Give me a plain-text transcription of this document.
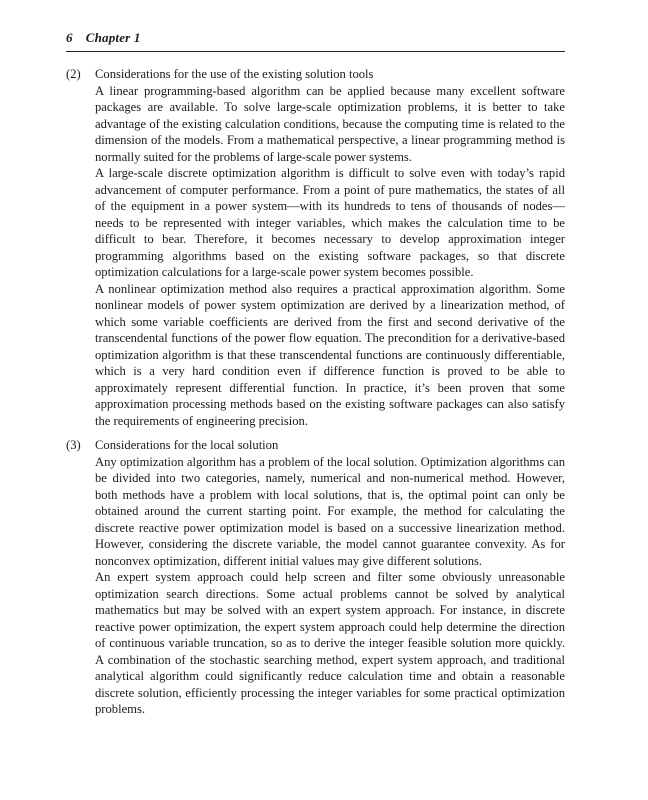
6 Chapter 1
(2)	Considerations for the use of the existing solution tools

A linear programming-based algorithm can be applied because many excellent software packages are available. To solve large-scale optimization problems, it is better to take advantage of the existing calculation conditions, because the computing time is related to the dimension of the models. From a mathematical perspective, a linear programming method is normally suited for the problems of large-scale power systems.

A large-scale discrete optimization algorithm is difficult to solve even with today’s rapid advancement of computer performance. From a point of pure mathematics, the states of all of the equipment in a power system—with its hundreds to tens of thousands of nodes—needs to be represented with integer variables, which makes the calculation time to be difficult to bear. Therefore, it becomes necessary to develop approximation integer programming algorithms based on the existing software packages, so that discrete optimization calculations for a large-scale power system becomes possible.

A nonlinear optimization method also requires a practical approximation algorithm. Some nonlinear models of power system optimization are derived by a linearization method, of which some variable coefficients are derived from the first and second derivative of the transcendental functions of the power flow equation. The precondition for a derivative-based optimization algorithm is that these transcendental functions are continuously differentiable, which is a very hard condition even if difference function is proved to be able to approximately represent differential function. In practice, it’s been proven that some approximation processing methods based on the existing software packages can also satisfy the requirements of engineering precision.

(3)	Considerations for the local solution

Any optimization algorithm has a problem of the local solution. Optimization algorithms can be divided into two categories, namely, numerical and non-numerical method. However, both methods have a problem with local solutions, that is, the optimal point can only be obtained around the current starting point. For example, the method for calculating the discrete reactive power optimization model is based on a successive linearization method. However, considering the discrete variable, the model cannot guarantee convexity. As for nonconvex optimization, different initial values may give different solutions.

An expert system approach could help screen and filter some obviously unreasonable optimization search directions. Some actual problems cannot be solved by analytical mathematics but may be solved with an expert system approach. For instance, in discrete reactive power optimization, the expert system approach could help determine the direction of continuous variable truncation, so as to derive the integer feasible solution more quickly. A combination of the stochastic searching method, expert system approach, and traditional analytical algorithm could significantly reduce calculation time and obtain a reasonable discrete solution, efficiently processing the integer variables for some practical optimization problems.
